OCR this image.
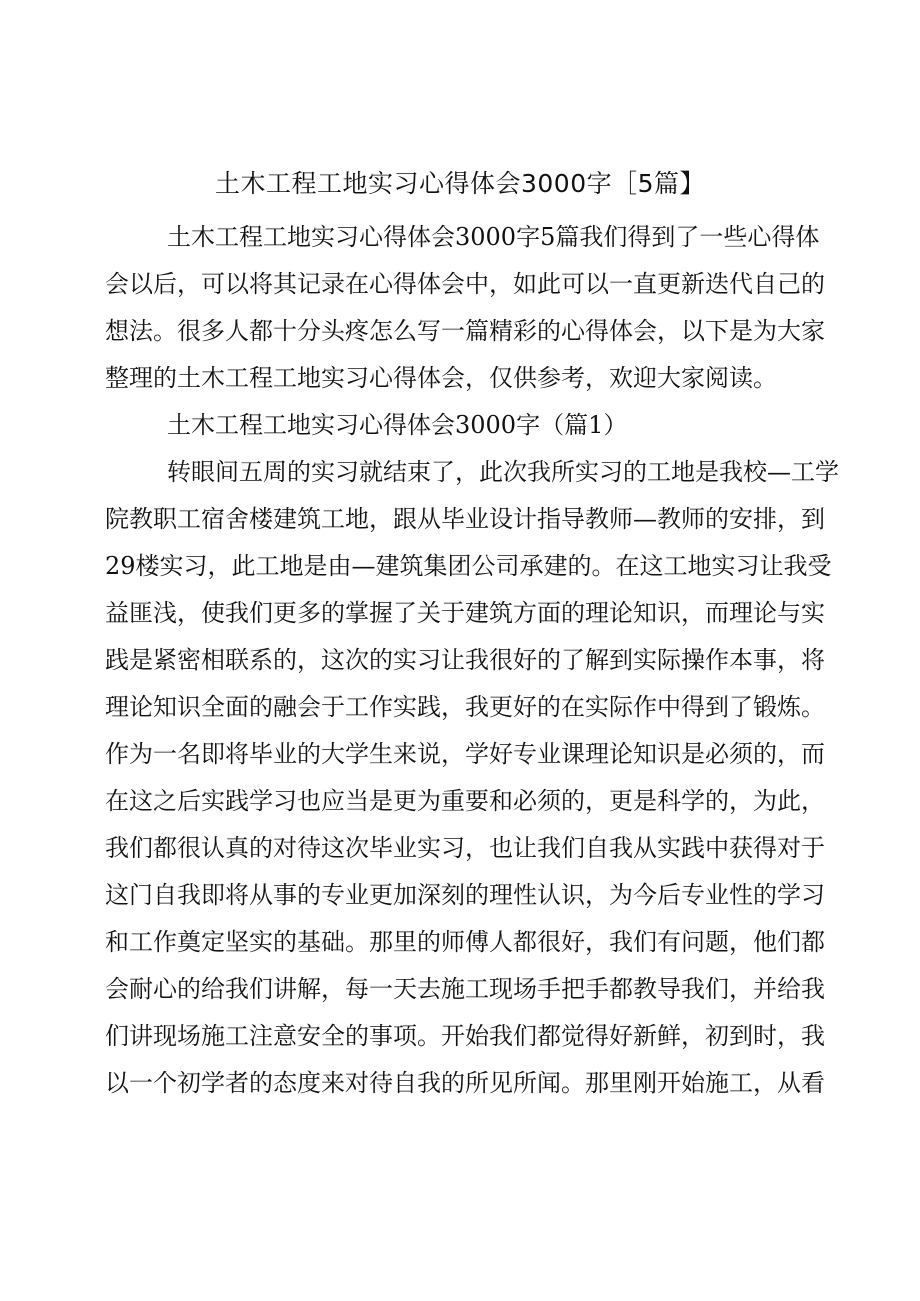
土木工程工地实习心得体会3000字［5篇】
土木工程工地实习心得体会3000字5篇我们得到了一些心得体
会以后，可以将其记录在心得体会中，如此可以一直更新迭代自己的
想法。很多人都十分头疼怎么写一篇精彩的心得体会，以下是为大家
整理的土木工程工地实习心得体会，仅供参考，欢迎大家阅读。
土木工程工地实习心得体会3000字（篇1）
转眼间五周的实习就结束了，此次我所实习的工地是我校—工学
院教职工宿舍楼建筑工地，跟从毕业设计指导教师—教师的安排，到
29楼实习，此工地是由—建筑集团公司承建的。在这工地实习让我受
益匪浅，使我们更多的掌握了关于建筑方面的理论知识，而理论与实
践是紧密相联系的，这次的实习让我很好的了解到实际操作本事，将
理论知识全面的融会于工作实践，我更好的在实际作中得到了锻炼。
作为一名即将毕业的大学生来说，学好专业课理论知识是必须的，而
在这之后实践学习也应当是更为重要和必须的，更是科学的，为此，
我们都很认真的对待这次毕业实习，也让我们自我从实践中获得对于
这门自我即将从事的专业更加深刻的理性认识，为今后专业性的学习
和工作奠定坚实的基础。那里的师傅人都很好，我们有问题，他们都
会耐心的给我们讲解，每一天去施工现场手把手都教导我们，并给我
们讲现场施工注意安全的事项。开始我们都觉得好新鲜，初到时，我
以一个初学者的态度来对待自我的所见所闻。那里刚开始施工，从看
